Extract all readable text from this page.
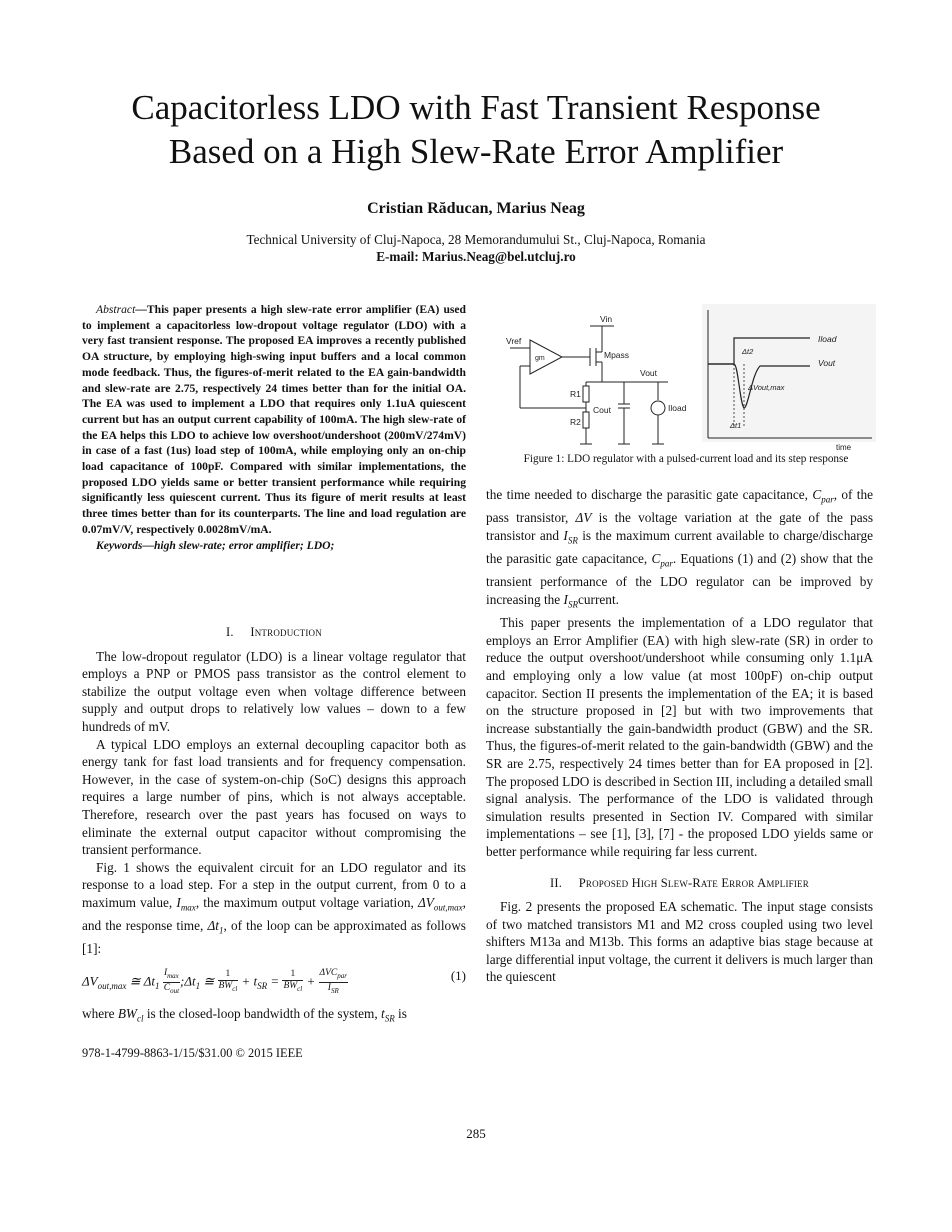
Capacitorless LDO with Fast Transient Response
Based on a High Slew-Rate Error Amplifier
Cristian Răducan, Marius Neag
Technical University of Cluj-Napoca, 28 Memorandumului St., Cluj-Napoca, Romania
E-mail: Marius.Neag@bel.utcluj.ro
Abstract—This paper presents a high slew-rate error amplifier (EA) used to implement a capacitorless low-dropout voltage regulator (LDO) with a very fast transient response. The proposed EA improves a recently published OA structure, by employing high-swing input buffers and a local common mode feedback. Thus, the figures-of-merit related to the EA gain-bandwidth and slew-rate are 2.75, respectively 24 times better than for the initial OA. The EA was used to implement a LDO that requires only 1.1uA quiescent current but has an output current capability of 100mA. The high slew-rate of the EA helps this LDO to achieve low overshoot/undershoot (200mV/274mV) in case of a fast (1us) load step of 100mA, while employing only an on-chip load capacitance of 100pF. Compared with similar implementations, the proposed LDO yields same or better transient performance while requiring significantly less quiescent current. Thus its figure of merit results at least three times better than for its counterparts. The line and load regulation are 0.07mV/V, respectively 0.0028mV/mA.
Keywords—high slew-rate; error amplifier; LDO;
I. Introduction

The low-dropout regulator (LDO) is a linear voltage regulator that employs a PNP or PMOS pass transistor as the control element to stabilize the output voltage even when voltage difference between supply and output drops to relatively low values – down to a few hundreds of mV.

A typical LDO employs an external decoupling capacitor both as energy tank for fast load transients and for frequency compensation. However, in the case of system-on-chip (SoC) designs this approach requires a large number of pins, which is not always acceptable. Therefore, research over the past years has focused on ways to eliminate the external output capacitor without compromising the transient performance.

Fig. 1 shows the equivalent circuit for an LDO regulator and its response to a load step. For a step in the output current, from 0 to a maximum value, $I_{max}$, the maximum output voltage variation, $\Delta V_{out,max}$, and the response time, $\Delta t_1$, of the loop can be approximated as follows [1]:

$\Delta V_{out,max}$ ≅ $\Delta t_1 \frac{I_{max}}{C_{out}}$ $;\Delta t_1$ ≅ $\frac{1}{BW_{cl}} + t_{SR} = \frac{1}{BW_{cl}} + \frac{\Delta VC_{par}}{I_{SR}}$	(1)
where $BW_{cl}$ is the closed-loop bandwidth of the system, $t_{SR}$ is
978-1-4799-8863-1/15/$31.00 © 2015 IEEE
285
Vin
Vref
gm	Mpass
Vout
R1
R2
Cout	Iload
Iload
Vout
Δt2
ΔVout,max
Δt1
time
Figure 1: LDO regulator with a pulsed-current load and its step response

the time needed to discharge the parasitic gate capacitance, $C_{par}$, of the pass transistor, ΔV is the voltage variation at the gate of the pass transistor and $I_{SR}$ is the maximum current available to charge/discharge the parasitic gate capacitance, $C_{par}$. Equations (1) and (2) show that the transient performance of the LDO regulator can be improved by increasing the $I_{SR}current$.

This paper presents the implementation of a LDO regulator that employs an Error Amplifier (EA) with high slew-rate (SR) in order to reduce the output overshoot/undershoot while consuming only 1.1μA and employing only a low value (at most 100pF) on-chip output capacitor. Section II presents the implementation of the EA; it is based on the structure proposed in [2] but with two improvements that increase substantially the gain-bandwidth product (GBW) and the SR. Thus, the figures-of-merit related to the gain-bandwidth (GBW) and the SR are 2.75, respectively 24 times better than for EA proposed in [2]. The proposed LDO is described in Section III, including a detailed small signal analysis. The performance of the LDO is validated through simulation results presented in Section IV. Compared with similar implementations – see [1], [3], [7] - the proposed LDO yields same or better performance while requiring far less current.

II. Proposed High Slew-Rate Error Amplifier

Fig. 2 presents the proposed EA schematic. The input stage consists of two matched transistors M1 and M2 cross coupled using two level shifters M13a and M13b. This forms an adaptive bias stage because at large differential input voltage, the current it delivers is much larger than the quiescent
